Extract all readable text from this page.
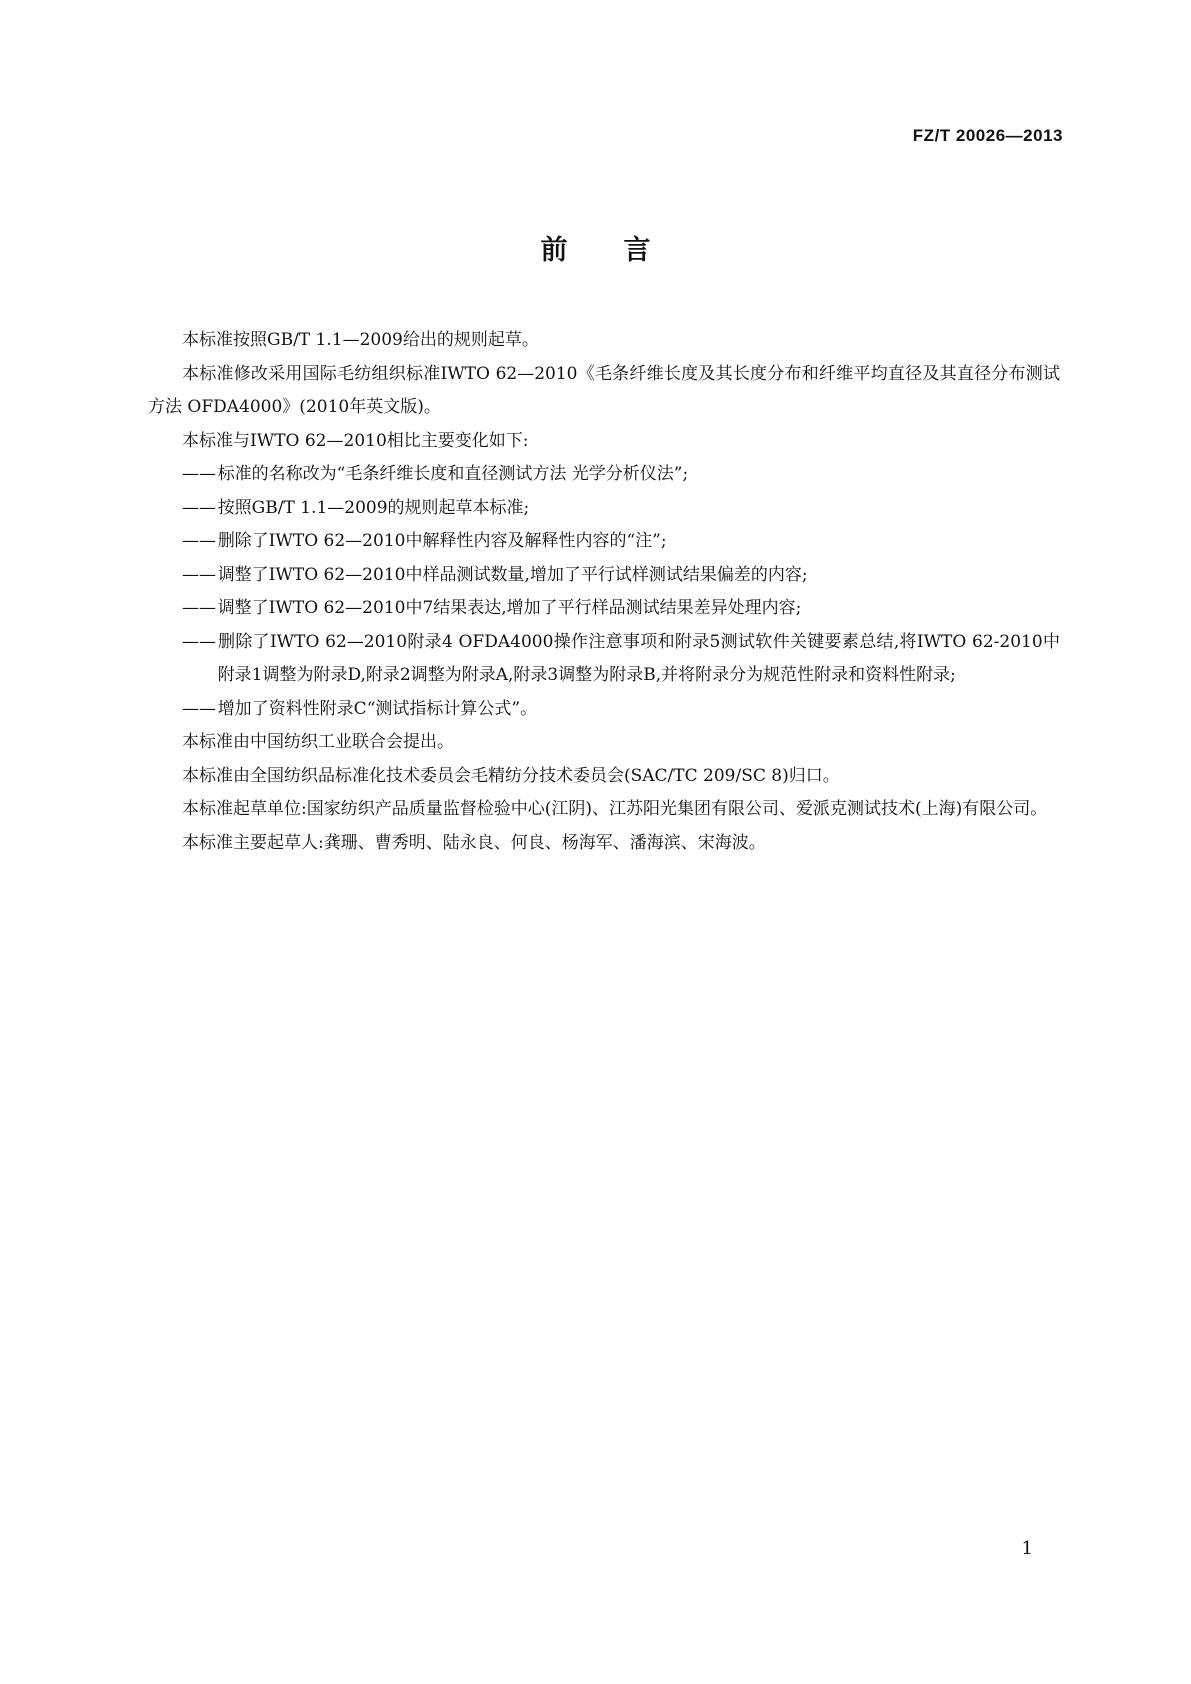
FZ/T 20026—2013
前言

本标准按照GB/T 1.1—2009给出的规则起草。

本标准修改采用国际毛纺组织标准IWTO 62—2010《毛条纤维长度及其长度分布和纤维平均直径及其直径分布测试方法 OFDA4000》(2010年英文版)。

本标准与IWTO 62—2010相比主要变化如下:

——标准的名称改为“毛条纤维长度和直径测试方法 光学分析仪法”;

——按照GB/T 1.1—2009的规则起草本标准;

——删除了IWTO 62—2010中解释性内容及解释性内容的“注”;

——调整了IWTO 62—2010中样品测试数量,增加了平行试样测试结果偏差的内容;

——调整了IWTO 62—2010中7结果表达,增加了平行样品测试结果差异处理内容;

——删除了IWTO 62—2010附录4 OFDA4000操作注意事项和附录5测试软件关键要素总结,将IWTO 62-2010中附录1调整为附录D,附录2调整为附录A,附录3调整为附录B,并将附录分为规范性附录和资料性附录;

——增加了资料性附录C“测试指标计算公式”。

本标准由中国纺织工业联合会提出。

本标准由全国纺织品标准化技术委员会毛精纺分技术委员会(SAC/TC 209/SC 8)归口。

本标准起草单位:国家纺织产品质量监督检验中心(江阴)、江苏阳光集团有限公司、爱派克测试技术(上海)有限公司。

本标准主要起草人:龚珊、曹秀明、陆永良、何良、杨海军、潘海滨、宋海波。

1
